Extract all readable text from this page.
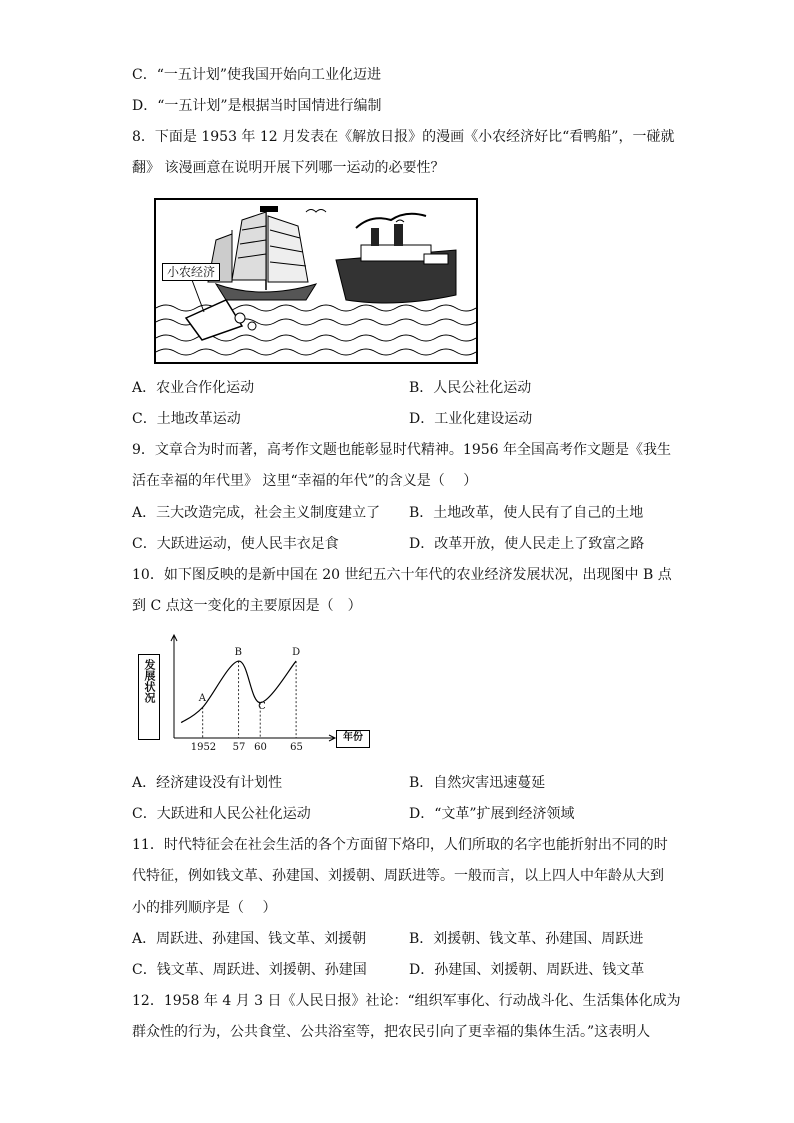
C．“一五计划”使我国开始向工业化迈进
D．“一五计划”是根据当时国情进行编制
8．下面是 1953 年 12 月发表在《解放日报》的漫画《小农经济好比“看鸭船”，一碰就
翻》 该漫画意在说明开展下列哪一运动的必要性？
小农经济
A．农业合作化运动	B．人民公社化运动
C．土地改革运动	D．工业化建设运动
9．文章合为时而著，高考作文题也能彰显时代精神。1956 年全国高考作文题是《我生
活在幸福的年代里》 这里“幸福的年代”的含义是（　 ）
A．三大改造完成，社会主义制度建立了 B．土地改革，使人民有了自己的土地
C．大跃进运动，使人民丰衣足食	D．改革开放，使人民走上了致富之路
10．如下图反映的是新中国在 20 世纪五六十年代的农业经济发展状况，出现图中 B 点
到 C 点这一变化的主要原因是（　）
发展状况
年份
1952 57 60 65
A
B
C
D
A．经济建设没有计划性	B．自然灾害迅速蔓延
C．大跃进和人民公社化运动	D．“文革”扩展到经济领域
11．时代特征会在社会生活的各个方面留下烙印，人们所取的名字也能折射出不同的时
代特征，例如钱文革、孙建国、刘援朝、周跃进等。一般而言，以上四人中年龄从大到
小的排列顺序是（　 ）
A．周跃进、孙建国、钱文革、刘援朝	B．刘援朝、钱文革、孙建国、周跃进
C．钱文革、周跃进、刘援朝、孙建国	D．孙建国、刘援朝、周跃进、钱文革
12．1958 年 4 月 3 日《人民日报》社论：“组织军事化、行动战斗化、生活集体化成为
群众性的行为，公共食堂、公共浴室等，把农民引向了更幸福的集体生活。”这表明人
